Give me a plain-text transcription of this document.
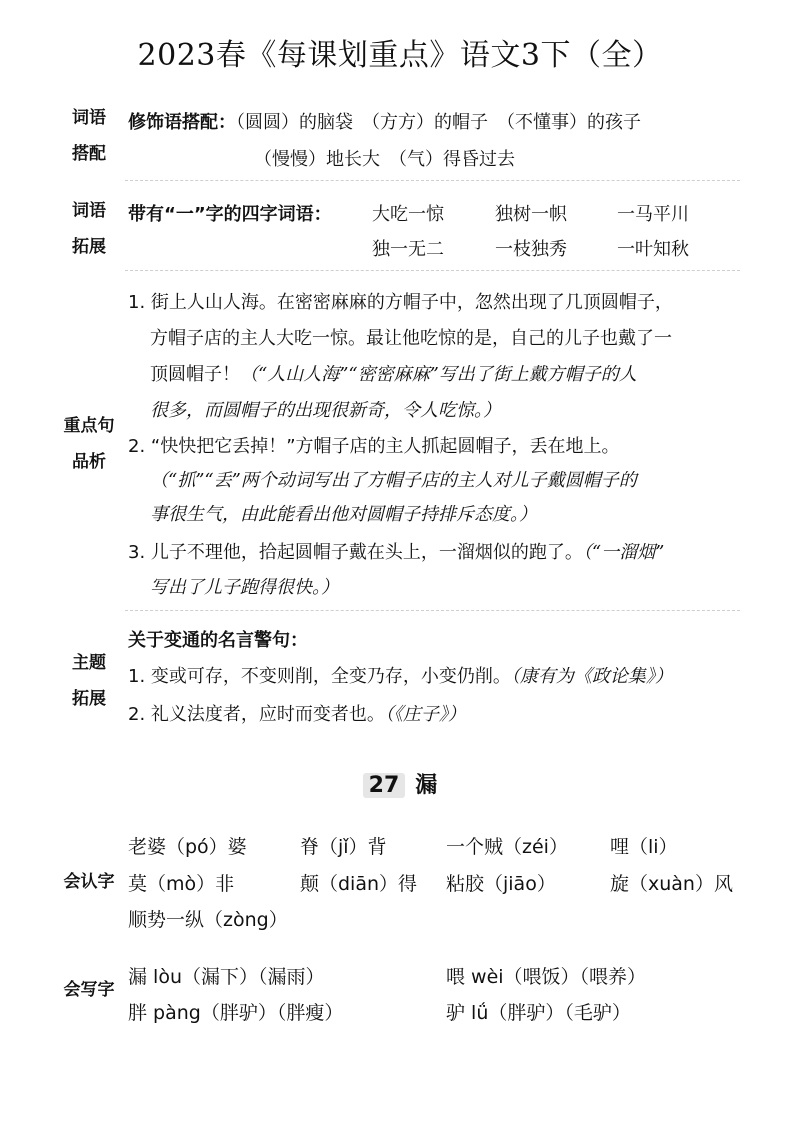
2023春《每课划重点》语文3下（全）
词语
搭配
修饰语搭配：（圆圆）的脑袋　（方方）的帽子　（不懂事）的孩子
（慢慢）地长大　（气）得昏过去
词语
拓展
带有“一”字的四字词语： 大吃一惊	独树一帜	一马平川
独一无二	一枝独秀	一叶知秋
重点句
品析
1. 街上人山人海。在密密麻麻的方帽子中，忽然出现了几顶圆帽子，
方帽子店的主人大吃一惊。最让他吃惊的是，自己的儿子也戴了一
顶圆帽子！（“人山人海”“密密麻麻”写出了街上戴方帽子的人
很多，而圆帽子的出现很新奇，令人吃惊。）
2. “快快把它丢掉！”方帽子店的主人抓起圆帽子，丢在地上。
（“抓”“丢”两个动词写出了方帽子店的主人对儿子戴圆帽子的
事很生气，由此能看出他对圆帽子持排斥态度。）
3. 儿子不理他，拾起圆帽子戴在头上，一溜烟似的跑了。（“一溜烟”
写出了儿子跑得很快。）
主题
拓展
关于变通的名言警句：
1. 变或可存，不变则削，全变乃存，小变仍削。（康有为《政论集》）
2. 礼义法度者，应时而变者也。（《庄子》）
27 漏
会认字
老婆（pó）婆	脊（jǐ）背	一个贼（zéi） 哩（li）
莫（mò）非	颠（diān）得 粘胶（jiāo）	旋（xuàn）风
顺势一纵（zòng）
会写字
漏 lòu（漏下）（漏雨）	喂 wèi（喂饭）（喂养）
胖 pàng（胖驴）（胖瘦）	驴 lǘ（胖驴）（毛驴）
